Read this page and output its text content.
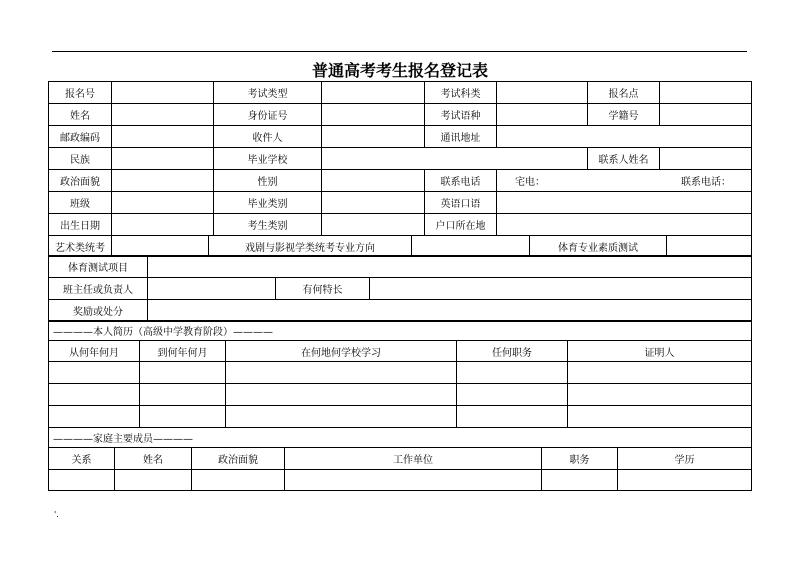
普通高考考生报名登记表
报名号		考试类型		考试科类		报名点	
姓名		身份证号		考试语种		学籍号	
邮政编码		收件人		通讯地址			
民族		毕业学校				联系人姓名	
政治面貌		性别		联系电话	宅电： 联系电话：		

班级		毕业类别		英语口语			
出生日期		考生类别		户口所在地			
艺术类统考		戏剧与影视学类统考专业方向		体育专业素质测试	
体育测试项目			
班主任或负责人		有何特长	
奖励或处分			
————本人简历（高级中学教育阶段）————				
从何年何月	到何年何月	在何地何学校学习	任何职务	证明人

————家庭主要成员————					
关系	姓名	政治面貌	工作单位	职务	学历

'.
